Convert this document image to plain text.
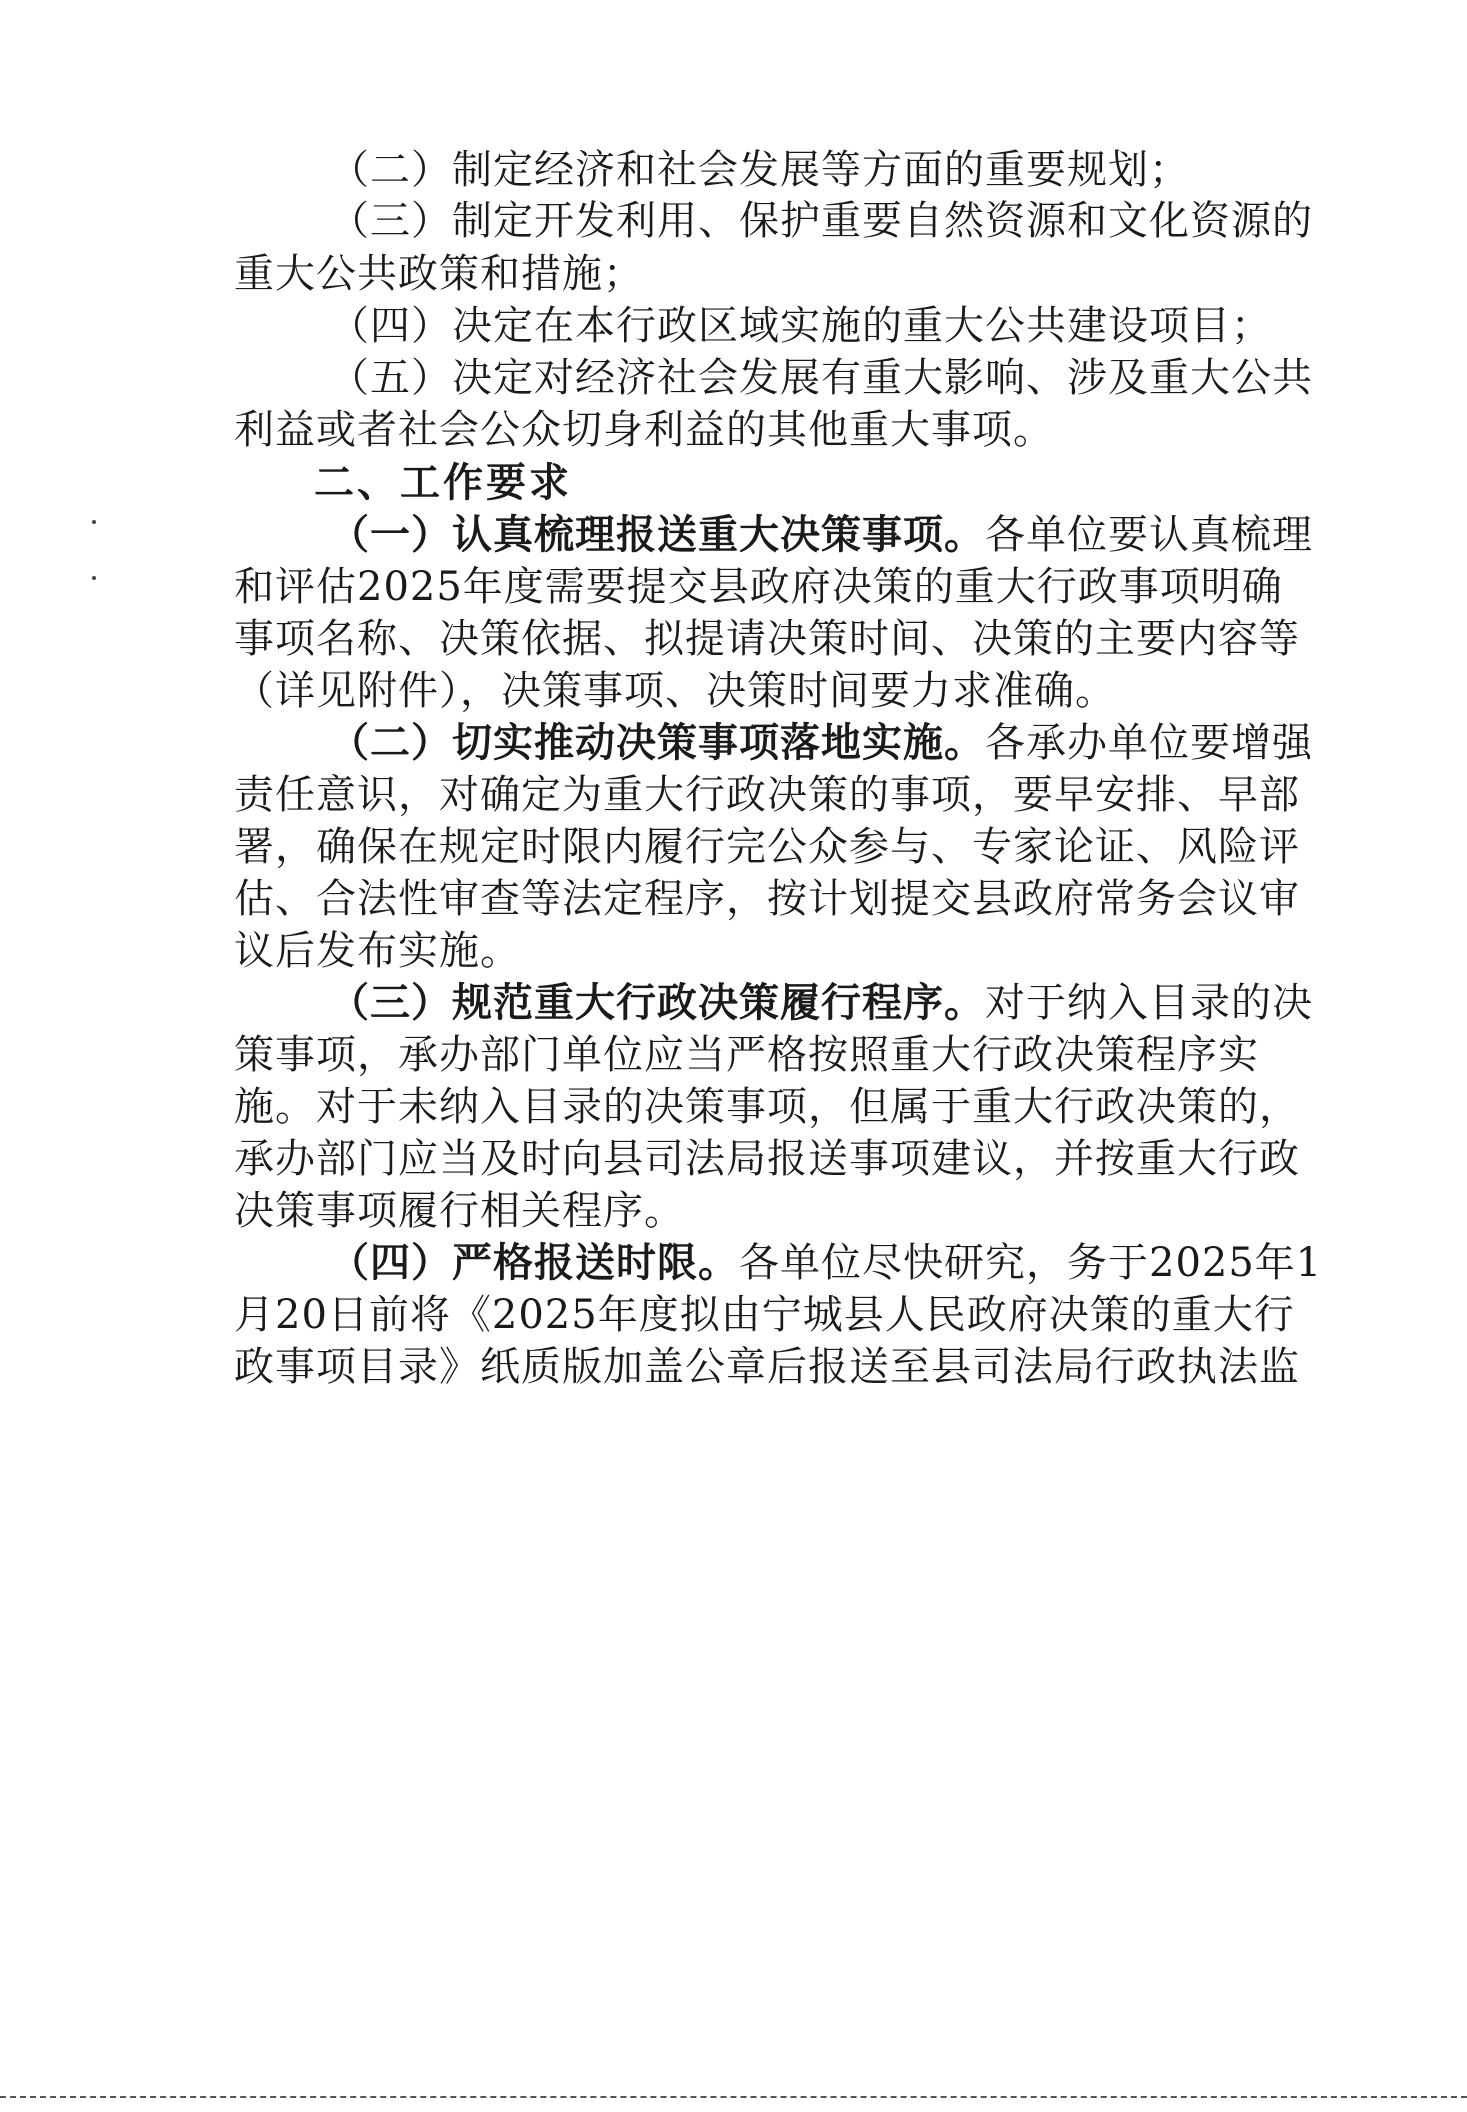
（二）制定经济和社会发展等方面的重要规划；
（三）制定开发利用、保护重要自然资源和文化资源的
重大公共政策和措施；
（四）决定在本行政区域实施的重大公共建设项目；
（五）决定对经济社会发展有重大影响、涉及重大公共
利益或者社会公众切身利益的其他重大事项。
二、工作要求
（一）认真梳理报送重大决策事项。各单位要认真梳理
和评估2025年度需要提交县政府决策的重大行政事项明确
事项名称、决策依据、拟提请决策时间、决策的主要内容等
（详见附件），决策事项、决策时间要力求准确。
（二）切实推动决策事项落地实施。各承办单位要增强
责任意识，对确定为重大行政决策的事项，要早安排、早部
署，确保在规定时限内履行完公众参与、专家论证、风险评
估、合法性审查等法定程序，按计划提交县政府常务会议审
议后发布实施。
（三）规范重大行政决策履行程序。对于纳入目录的决
策事项，承办部门单位应当严格按照重大行政决策程序实
施。对于未纳入目录的决策事项，但属于重大行政决策的，
承办部门应当及时向县司法局报送事项建议，并按重大行政
决策事项履行相关程序。
（四）严格报送时限。各单位尽快研究，务于2025年1
月20日前将《2025年度拟由宁城县人民政府决策的重大行
政事项目录》纸质版加盖公章后报送至县司法局行政执法监
